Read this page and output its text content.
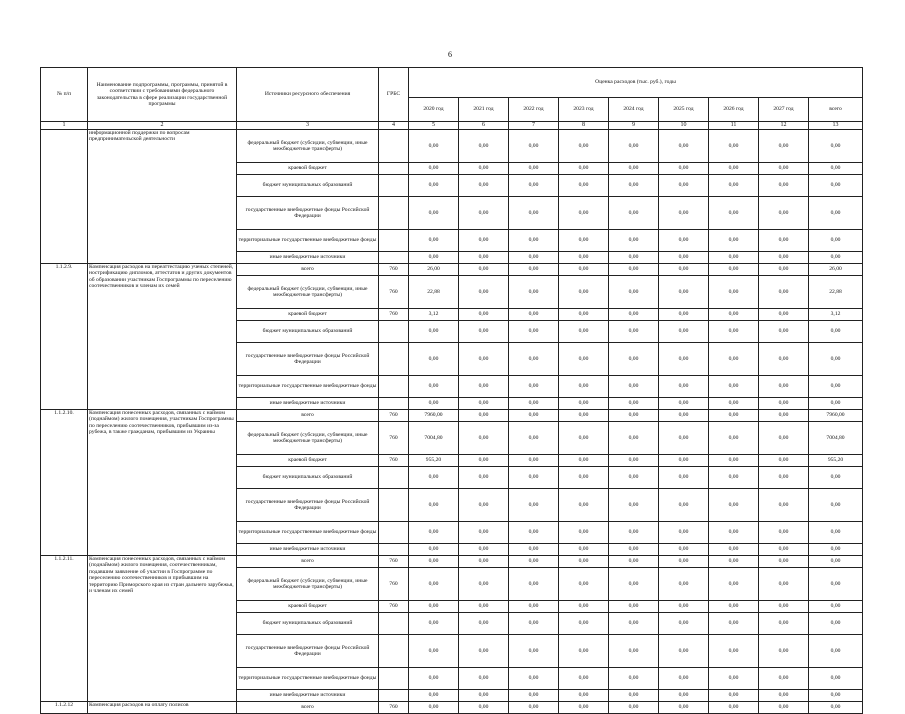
6
№ п/п	Наименование подпрограммы, программы, принятой в соответствии с требованиями федерального законодательства в сфере реализации государственной программы	Источники ресурсного обеспечения	ГРБС	Оценка расходов (тыс. руб.), годы								
				2020 год	2021 год	2022 год	2023 год	2024 год	2025 год	2026 год	2027 год	всего
1	2	3	4	5	6	7	8	9	10	11	12	13
	информационной поддержки по вопросам предпринимательской деятельности	федеральный бюджет (субсидии, субвенции, иные межбюджетные трансферты)		0,00	0,00	0,00	0,00	0,00	0,00	0,00	0,00	0,00
		краевой бюджет		0,00	0,00	0,00	0,00	0,00	0,00	0,00	0,00	0,00
		бюджет муниципальных образований		0,00	0,00	0,00	0,00	0,00	0,00	0,00	0,00	0,00
		государственные внебюджетные фонды Российской Федерации		0,00	0,00	0,00	0,00	0,00	0,00	0,00	0,00	0,00
		территориальные государственные внебюджетные фонды		0,00	0,00	0,00	0,00	0,00	0,00	0,00	0,00	0,00
		иные внебюджетные источники		0,00	0,00	0,00	0,00	0,00	0,00	0,00	0,00	0,00
1.1.2.9.	Компенсация расходов на переаттестацию ученых степеней, нострификацию дипломов, аттестатов и других документов об образовании участникам Госпрограммы по переселению соотечественников и членам их семей	всего	760	26,00	0,00	0,00	0,00	0,00	0,00	0,00	0,00	26,00
		федеральный бюджет (субсидии, субвенции, иные межбюджетные трансферты)	760	22,88	0,00	0,00	0,00	0,00	0,00	0,00	0,00	22,88
		краевой бюджет	760	3,12	0,00	0,00	0,00	0,00	0,00	0,00	0,00	3,12
		бюджет муниципальных образований		0,00	0,00	0,00	0,00	0,00	0,00	0,00	0,00	0,00
		государственные внебюджетные фонды Российской Федерации		0,00	0,00	0,00	0,00	0,00	0,00	0,00	0,00	0,00
		территориальные государственные внебюджетные фонды		0,00	0,00	0,00	0,00	0,00	0,00	0,00	0,00	0,00
		иные внебюджетные источники		0,00	0,00	0,00	0,00	0,00	0,00	0,00	0,00	0,00
1.1.2.10.	Компенсация понесенных расходов, связанных с наймом (поднаймом) жилого помещения, участникам Госпрограммы по переселению соотечественников, прибывшим из-за рубежа, в также гражданам, прибывшим из Украины	всего	760	7960,00	0,00	0,00	0,00	0,00	0,00	0,00	0,00	7960,00
		федеральный бюджет (субсидии, субвенции, иные межбюджетные трансферты)	760	7004,80	0,00	0,00	0,00	0,00	0,00	0,00	0,00	7004,80
		краевой бюджет	760	955,20	0,00	0,00	0,00	0,00	0,00	0,00	0,00	955,20
		бюджет муниципальных образований		0,00	0,00	0,00	0,00	0,00	0,00	0,00	0,00	0,00
		государственные внебюджетные фонды Российской Федерации		0,00	0,00	0,00	0,00	0,00	0,00	0,00	0,00	0,00
		территориальные государственные внебюджетные фонды		0,00	0,00	0,00	0,00	0,00	0,00	0,00	0,00	0,00
		иные внебюджетные источники		0,00	0,00	0,00	0,00	0,00	0,00	0,00	0,00	0,00
1.1.2.11.	Компенсация понесенных расходов, связанных с наймом (поднаймом) жилого помещения, соотечественникам, подавшим заявление об участии в Госпрограмме по переселению соотечественников и прибывшим на территорию Приморского края из стран дальнего зарубежья, и членам их семей	всего	760	0,00	0,00	0,00	0,00	0,00	0,00	0,00	0,00	0,00
		федеральный бюджет (субсидии, субвенции, иные межбюджетные трансферты)	760	0,00	0,00	0,00	0,00	0,00	0,00	0,00	0,00	0,00
		краевой бюджет	760	0,00	0,00	0,00	0,00	0,00	0,00	0,00	0,00	0,00
		бюджет муниципальных образований		0,00	0,00	0,00	0,00	0,00	0,00	0,00	0,00	0,00
		государственные внебюджетные фонды Российской Федерации		0,00	0,00	0,00	0,00	0,00	0,00	0,00	0,00	0,00
		территориальные государственные внебюджетные фонды		0,00	0,00	0,00	0,00	0,00	0,00	0,00	0,00	0,00
		иные внебюджетные источники		0,00	0,00	0,00	0,00	0,00	0,00	0,00	0,00	0,00
1.1.2.12	Компенсация расходов на оплату полисов	всего	760	0,00	0,00	0,00	0,00	0,00	0,00	0,00	0,00	0,00
